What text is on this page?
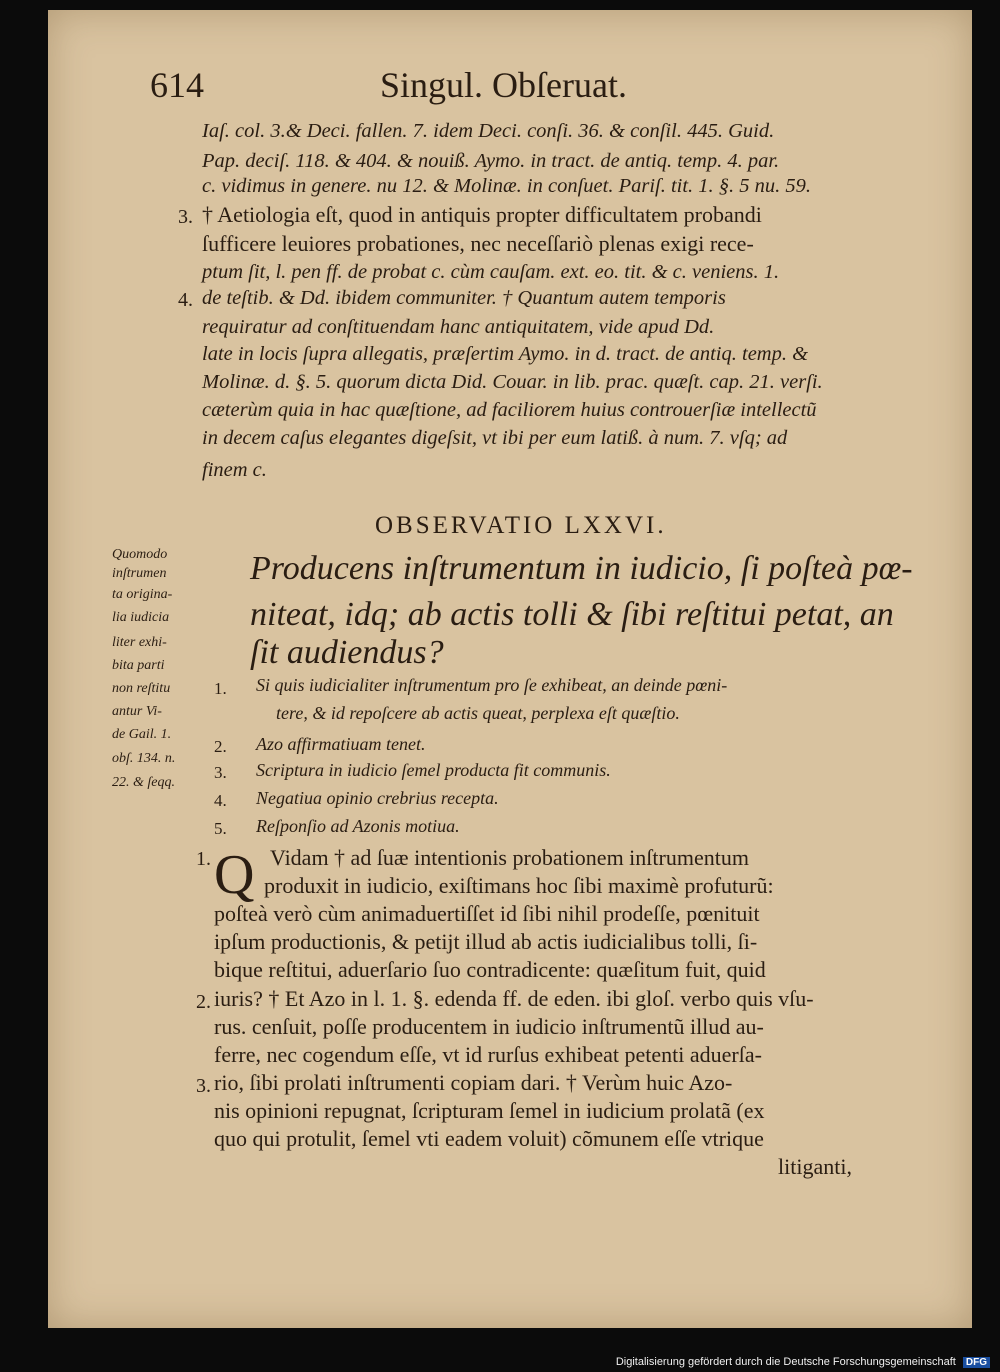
614	Singul. Obſeruat.
Iaſ. col. 3.& Deci. fallen. 7. idem Deci. conſi. 36. & conſil. 445. Guid.
Pap. deciſ. 118. & 404. & nouiß. Aymo. in tract. de antiq. temp. 4. par.
c. vidimus in genere. nu 12. & Molinæ. in conſuet. Pariſ. tit. 1. §. 5 nu. 59.
3. † Aetiologia eſt, quod in antiquis propter difficultatem probandi
ſufficere leuiores probationes, nec neceſſariò plenas exigi rece-
ptum ſit, l. pen ff. de probat c. cùm cauſam. ext. eo. tit. & c. veniens. 1.
4. de teſtib. & Dd. ibidem communiter. † Quantum autem temporis
requiratur ad conſtituendam hanc antiquitatem, vide apud Dd.
late in locis ſupra allegatis, præſertim Aymo. in d. tract. de antiq. temp. &
Molinæ. d. §. 5. quorum dicta Did. Couar. in lib. prac. quæſt. cap. 21. verſi.
cæterùm quia in hac quæſtione, ad faciliorem huius controuerſiæ intellectũ
in decem caſus elegantes digeſsit, vt ibi per eum latiß. à num. 7. vſq; ad
finem c.
OBSERVATIO LXXVI.
Producens inſtrumentum in iudicio, ſi poſteà pœ-
niteat, idq; ab actis tolli & ſibi reſtitui petat, an
ſit audiendus?
Quomodo
inſtrumen
ta origina-
lia iudicia
liter exhi-
bita parti
non reſtitu
antur Vi-
de Gail. 1.
obſ. 134. n.
22. & ſeqq.
1. Si quis iudicialiter inſtrumentum pro ſe exhibeat, an deinde pœni-
tere, & id repoſcere ab actis queat, perplexa eſt quæſtio.
2. Azo affirmatiuam tenet.
3. Scriptura in iudicio ſemel producta fit communis.
4. Negatiua opinio crebrius recepta.
5. Reſponſio ad Azonis motiua.
1. Q Vidam † ad ſuæ intentionis probationem inſtrumentum
produxit in iudicio, exiſtimans hoc ſibi maximè profuturũ:
poſteà verò cùm animaduertiſſet id ſibi nihil prodeſſe, pœnituit
ipſum productionis, & petijt illud ab actis iudicialibus tolli, ſi-
bique reſtitui, aduerſario ſuo contradicente: quæſitum fuit, quid
2. iuris? † Et Azo in l. 1. §. edenda ff. de eden. ibi gloſ. verbo quis vſu-
rus. cenſuit, poſſe producentem in iudicio inſtrumentũ illud au-
ferre, nec cogendum eſſe, vt id rurſus exhibeat petenti aduerſa-
3. rio, ſibi prolati inſtrumenti copiam dari. † Verùm huic Azo-
nis opinioni repugnat, ſcripturam ſemel in iudicium prolatã (ex
quo qui protulit, ſemel vti eadem voluit) cõmunem eſſe vtrique
litiganti,
Digitalisierung gefördert durch die Deutsche Forschungsgemeinschaft DFG
